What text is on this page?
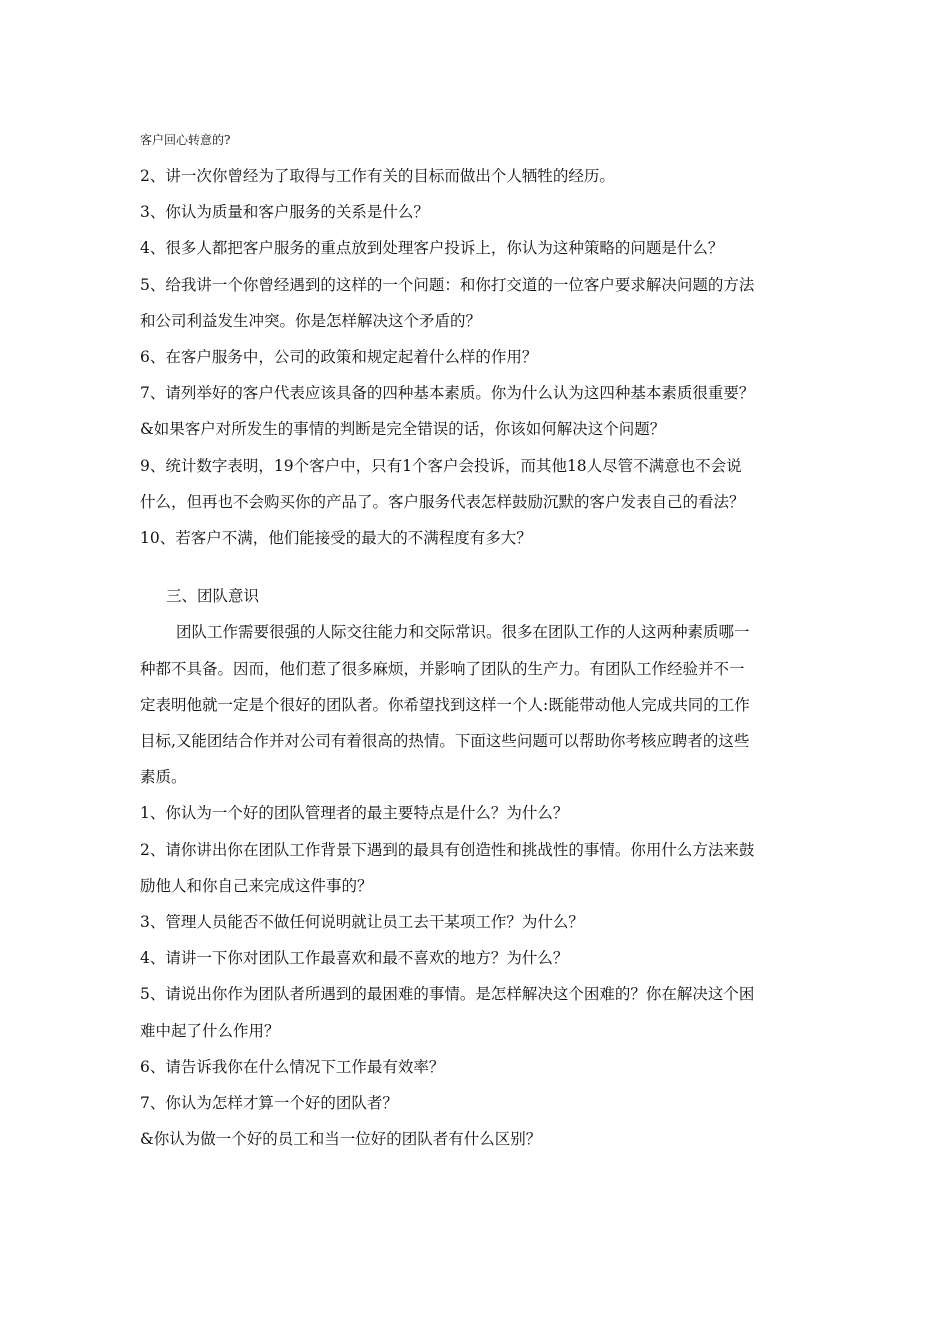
客户回心转意的?

2、讲一次你曾经为了取得与工作有关的目标而做出个人牺牲的经历。

3、你认为质量和客户服务的关系是什么？

4、很多人都把客户服务的重点放到处理客户投诉上，你认为这种策略的问题是什么？

5、给我讲一个你曾经遇到的这样的一个问题：和你打交道的一位客户要求解决问题的方法

和公司利益发生冲突。你是怎样解决这个矛盾的？

6、在客户服务中，公司的政策和规定起着什么样的作用？

7、请列举好的客户代表应该具备的四种基本素质。你为什么认为这四种基本素质很重要？

&如果客户对所发生的事情的判断是完全错误的话，你该如何解决这个问题？

9、统计数字表明，19个客户中，只有1个客户会投诉，而其他18人尽管不满意也不会说

什么，但再也不会购买你的产品了。客户服务代表怎样鼓励沉默的客户发表自己的看法？

10、若客户不满，他们能接受的最大的不满程度有多大？

三、团队意识

团队工作需要很强的人际交往能力和交际常识。很多在团队工作的人这两种素质哪一

种都不具备。因而，他们惹了很多麻烦，并影响了团队的生产力。有团队工作经验并不一

定表明他就一定是个很好的团队者。你希望找到这样一个人:既能带动他人完成共同的工作

目标,又能团结合作并对公司有着很高的热情。下面这些问题可以帮助你考核应聘者的这些

素质。

1、你认为一个好的团队管理者的最主要特点是什么？为什么？

2、请你讲出你在团队工作背景下遇到的最具有创造性和挑战性的事情。你用什么方法来鼓

励他人和你自己来完成这件事的？

3、管理人员能否不做任何说明就让员工去干某项工作？为什么？

4、请讲一下你对团队工作最喜欢和最不喜欢的地方？为什么？

5、请说出你作为团队者所遇到的最困难的事情。是怎样解决这个困难的？你在解决这个困

难中起了什么作用？

6、请告诉我你在什么情况下工作最有效率？

7、你认为怎样才算一个好的团队者？

&你认为做一个好的员工和当一位好的团队者有什么区别？
